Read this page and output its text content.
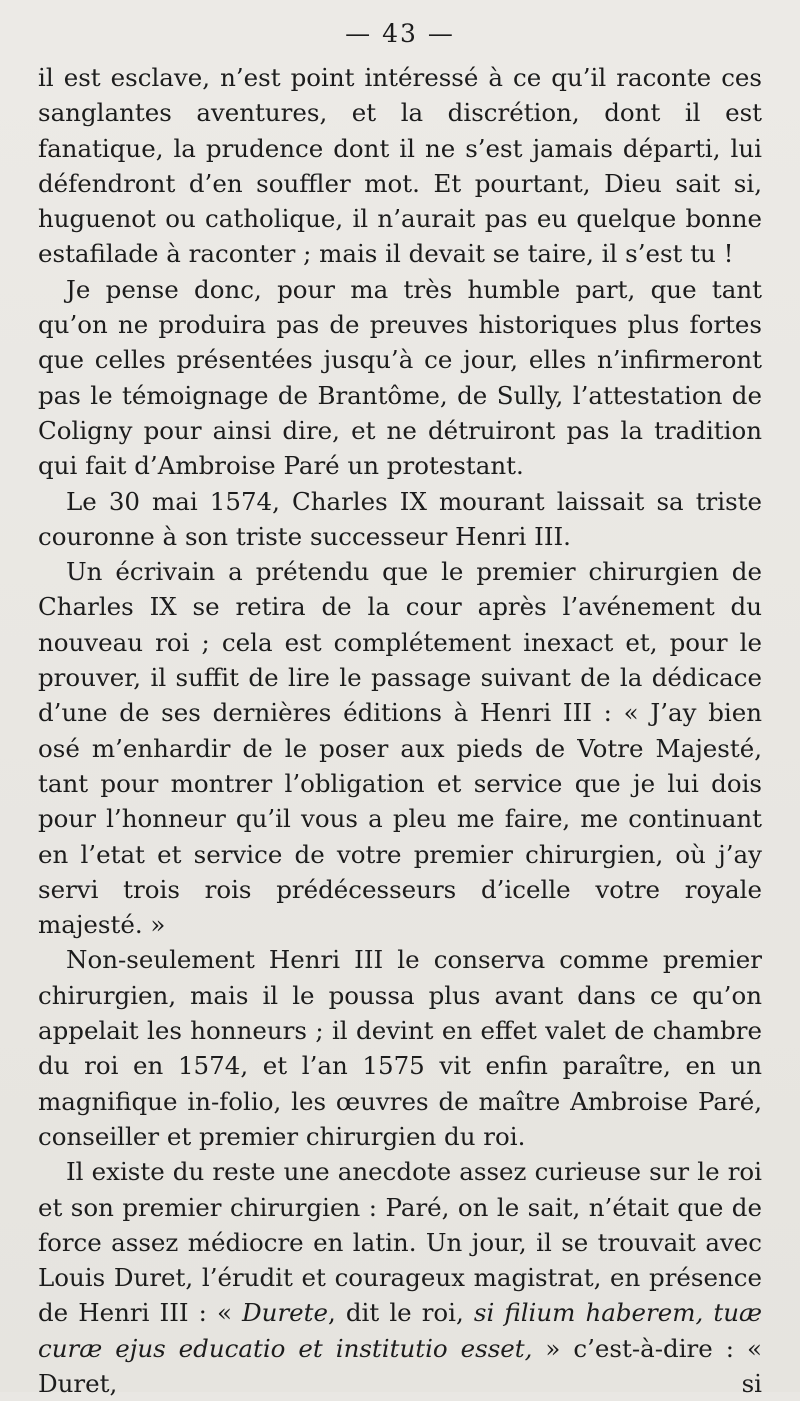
— 43 —

il est esclave, n’est point intéressé à ce qu’il raconte ces sanglantes aventures, et la discrétion, dont il est fanatique, la prudence dont il ne s’est jamais départi, lui défendront d’en souffler mot. Et pourtant, Dieu sait si, huguenot ou catholique, il n’aurait pas eu quelque bonne estafilade à raconter ; mais il devait se taire, il s’est tu !

Je pense donc, pour ma très humble part, que tant qu’on ne produira pas de preuves historiques plus fortes que celles présentées jusqu’à ce jour, elles n’infirmeront pas le témoignage de Brantôme, de Sully, l’attestation de Coligny pour ainsi dire, et ne détruiront pas la tradition qui fait d’Ambroise Paré un protestant.

Le 30 mai 1574, Charles IX mourant laissait sa triste couronne à son triste successeur Henri III.

Un écrivain a prétendu que le premier chirurgien de Charles IX se retira de la cour après l’avénement du nouveau roi ; cela est complétement inexact et, pour le prouver, il suffit de lire le passage suivant de la dédicace d’une de ses dernières éditions à Henri III : « J’ay bien osé m’enhardir de le poser aux pieds de Votre Majesté, tant pour montrer l’obligation et service que je lui dois pour l’honneur qu’il vous a pleu me faire, me continuant en l’etat et service de votre premier chirurgien, où j’ay servi trois rois prédécesseurs d’icelle votre royale majesté. »

Non-seulement Henri III le conserva comme premier chirurgien, mais il le poussa plus avant dans ce qu’on appelait les honneurs ; il devint en effet valet de chambre du roi en 1574, et l’an 1575 vit enfin paraître, en un magnifique in-folio, les œuvres de maître Ambroise Paré, conseiller et premier chirurgien du roi.

Il existe du reste une anecdote assez curieuse sur le roi et son premier chirurgien : Paré, on le sait, n’était que de force assez médiocre en latin. Un jour, il se trouvait avec Louis Duret, l’érudit et courageux magistrat, en présence de Henri III : « Durete, dit le roi, si filium haberem, tuæ curæ ejus educatio et institutio esset, » c’est-à-dire : « Duret, si
